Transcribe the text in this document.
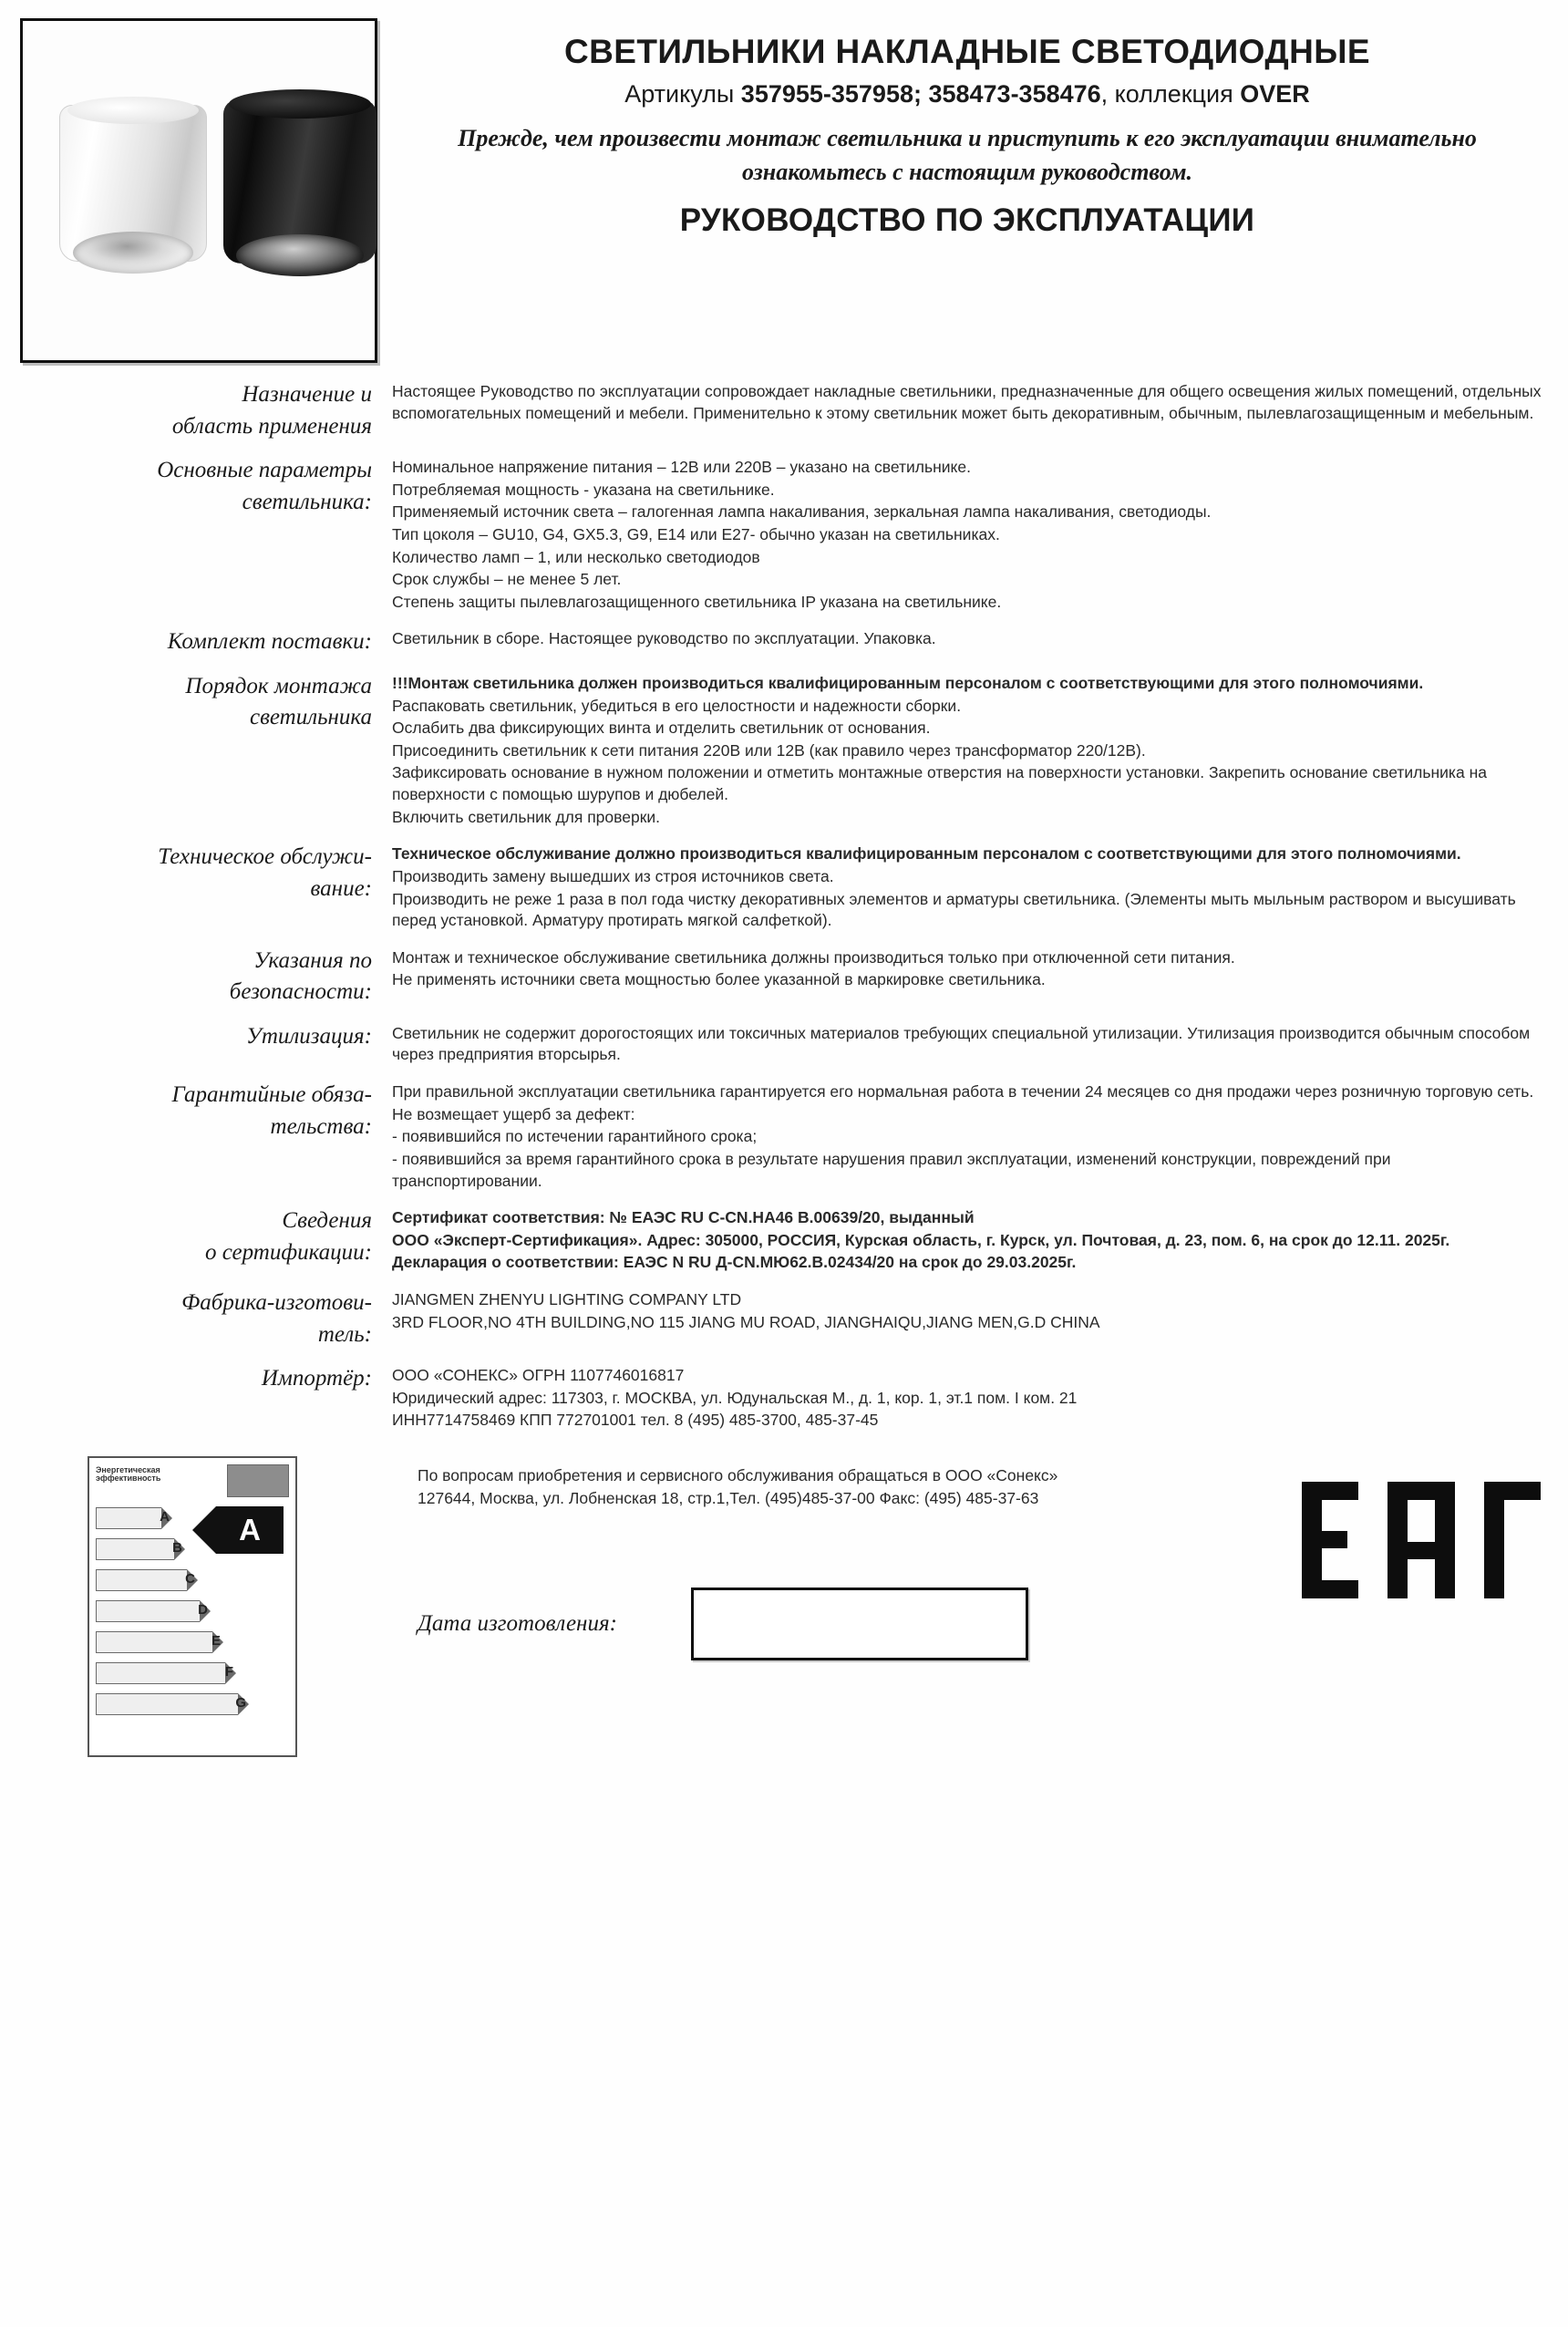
СВЕТИЛЬНИКИ НАКЛАДНЫЕ СВЕТОДИОДНЫЕ
Артикулы 357955-357958; 358473-358476, коллекция OVER
Прежде, чем произвести монтаж светильника и приступить к его эксплуатации внимательно ознакомьтесь с настоящим руководством.
РУКОВОДСТВО ПО ЭКСПЛУАТАЦИИ
Назначение и
область применения

Настоящее Руководство по эксплуатации сопровождает накладные светильники, предназначенные для общего освещения жилых помещений, отдельных вспомогательных помещений и мебели. Применительно к этому светильник может быть декоративным, обычным, пылевлагозащищенным и мебельным.

Основные параметры
светильника:

Номинальное напряжение питания – 12В или 220В – указано на светильнике.

Потребляемая мощность - указана на светильнике.

Применяемый источник света – галогенная лампа накаливания, зеркальная лампа накаливания, светодиоды.

Тип цоколя – GU10, G4, GX5.3, G9, E14 или E27- обычно указан на светильниках.

Количество ламп – 1, или несколько светодиодов

Срок службы – не менее 5 лет.

Степень защиты пылевлагозащищенного светильника IP указана на светильнике.

Комплект поставки: Светильник в сборе. Настоящее руководство по эксплуатации. Упаковка.

Порядок монтажа
светильника

!!!Монтаж светильника должен производиться квалифицированным персоналом с соответствующими для этого полномочиями.

Распаковать светильник, убедиться в его целостности и надежности сборки.

Ослабить два фиксирующих винта и отделить светильник от основания.

Присоединить светильник к сети питания 220В или 12В (как правило через трансформатор 220/12В).

Зафиксировать основание в нужном положении и отметить монтажные отверстия на поверхности установки. Закрепить основание светильника на поверхности с помощью шурупов и дюбелей.

Включить светильник для проверки.

Техническое обслужи-
вание:

Техническое обслуживание должно производиться квалифицированным персоналом с соответствующими для этого полномочиями.

Производить замену вышедших из строя источников света.

Производить не реже 1 раза в пол года чистку декоративных элементов и арматуры светильника. (Элементы мыть мыльным раствором и высушивать перед установкой. Арматуру протирать мягкой салфеткой).

Указания по
безопасности:

Монтаж и техническое обслуживание светильника должны производиться только при отключенной сети питания.

Не применять источники света мощностью более указанной в маркировке светильника.

Утилизация: Светильник не содержит дорогостоящих или токсичных материалов требующих специальной утилизации. Утилизация производится обычным способом через предприятия вторсырья.

Гарантийные обяза-
тельства:

При правильной эксплуатации светильника гарантируется его нормальная работа в течении 24 месяцев со дня продажи через розничную торговую сеть.

Не возмещает ущерб за дефект:

- появившийся по истечении гарантийного срока;

- появившийся за время гарантийного срока в результате нарушения правил эксплуатации, изменений конструкции, повреждений при транспортировании.

Сведения
о сертификации:

Сертификат соответствия: № ЕАЭС RU C-CN.НА46 В.00639/20, выданный

ООО «Эксперт-Сертификация». Адрес: 305000, РОССИЯ, Курская область, г. Курск, ул. Почтовая, д. 23, пом. 6, на срок до 12.11. 2025г.

Декларация о соответствии: ЕАЭС N RU Д-CN.МЮ62.В.02434/20 на срок до 29.03.2025г.

Фабрика-изготови-
тель:

JIANGMEN ZHENYU LIGHTING COMPANY LTD

3RD FLOOR,NO 4TH BUILDING,NO 115 JIANG MU ROAD, JIANGHAIQU,JIANG MEN,G.D CHINA

Импортёр: ООО «СОНЕКС» ОГРН 1107746016817

Юридический адрес: 117303, г. МОСКВА, ул. Юдунальская М., д. 1, кор. 1, эт.1 пом. I ком. 21

ИНН7714758469 КПП 772701001 тел. 8 (495) 485-3700, 485-37-45

Энергетическая
эффективность
A
B
C
D
E
F
G
A

По вопросам приобретения и сервисного обслуживания обращаться в ООО «Сонекс»

127644, Москва, ул. Лобненская 18, стр.1,Тел. (495)485-37-00 Факс: (495) 485-37-63

Дата изготовления:
